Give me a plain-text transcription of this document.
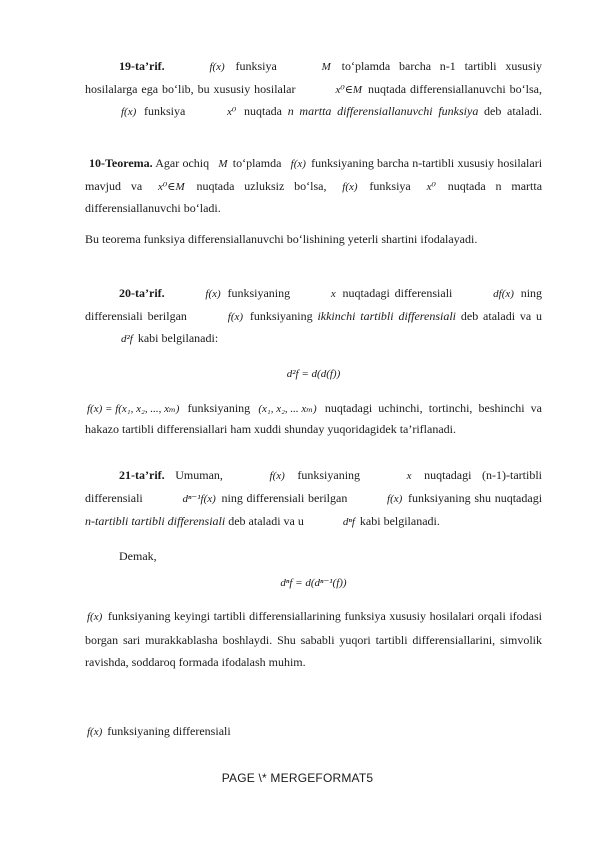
19-ta’rif.	f(x) funksiya	M to‘plamda barcha n-1 tartibli xususiy hosilalarga ega bo‘lib, bu xususiy hosilalar	x⁰∈M nuqtada differensiallanuvchi bo‘lsa, f(x) funksiya	x⁰ nuqtada n martta differensiallanuvchi funksiya deb ataladi.

10-Teorema. Agar ochiq M to‘plamda f(x) funksiyaning barcha n-tartibli xususiy hosilalari mavjud va x⁰∈M nuqtada uzluksiz bo‘lsa, f(x) funksiya x⁰ nuqtada n martta differensiallanuvchi bo‘ladi.

Bu teorema funksiya differensiallanuvchi bo‘lishining yeterli shartini ifodalayadi.

20-ta’rif.	f(x) funksiyaning	x nuqtadagi differensiali	df(x) ning differensiali berilgan	f(x) funksiyaning ikkinchi tartibli differensiali deb ataladi va u d²f kabi belgilanadi:

d²f = d(d(f))

f(x) = f(x₁, x₂, ..., xₘ) funksiyaning (x₁, x₂, ... xₘ) nuqtadagi uchinchi, tortinchi, beshinchi va hakazo tartibli differensiallari ham xuddi shunday yuqoridagidek ta’riflanadi.

21-ta’rif. Umuman,	f(x) funksiyaning	x nuqtadagi (n-1)-tartibli differensiali	dⁿ⁻¹f(x) ning differensiali berilgan	f(x) funksiyaning shu nuqtadagi n-tartibli tartibli differensiali deb ataladi va u	dⁿf kabi belgilanadi.

Demak,

dⁿf = d(dⁿ⁻¹(f))

f(x) funksiyaning keyingi tartibli differensiallarining funksiya xususiy hosilalari orqali ifodasi borgan sari murakkablasha boshlaydi. Shu sababli yuqori tartibli differensiallarini, simvolik ravishda, soddaroq formada ifodalash muhim.

f(x) funksiyaning differensiali

PAGE \* MERGEFORMAT5
